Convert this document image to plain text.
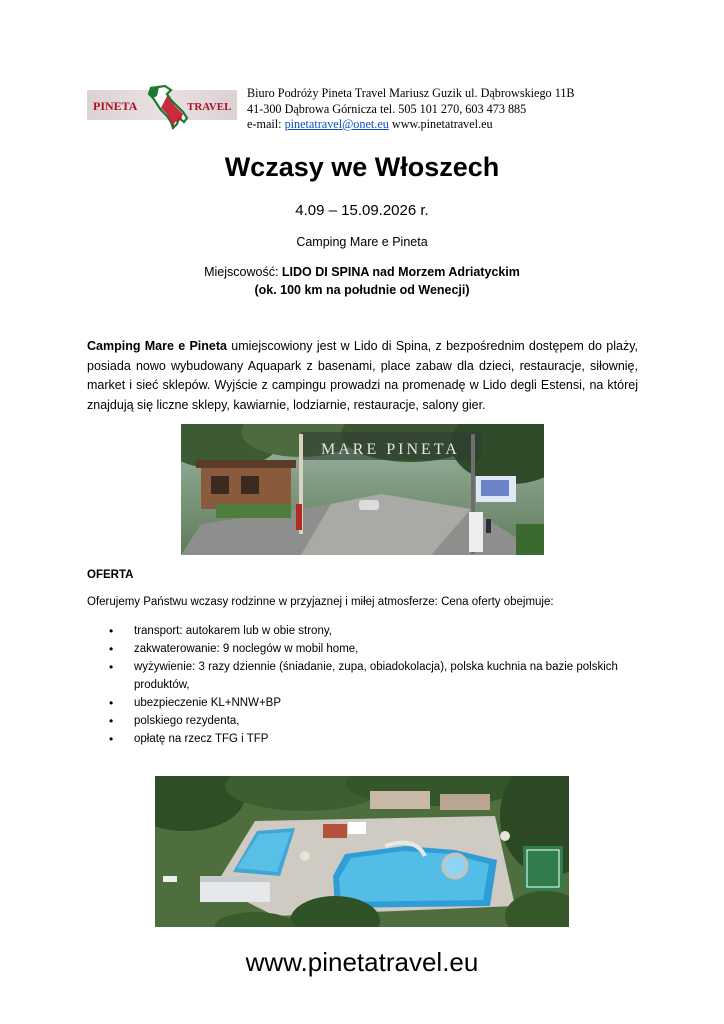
PINETA	TRAVEL
Biuro Podróży Pineta Travel Mariusz Guzik ul. Dąbrowskiego 11B
41-300 Dąbrowa Górnicza tel. 505 101 270, 603 473 885
e-mail: pinetatravel@onet.eu www.pinetatravel.eu
Wczasy we Włoszech
4.09 – 15.09.2026 r.
Camping Mare e Pineta
Miejscowość: LIDO DI SPINA nad Morzem Adriatyckim
(ok. 100 km na południe od Wenecji)
Camping Mare e Pineta umiejscowiony jest w Lido di Spina, z bezpośrednim dostępem do plaży, posiada nowo wybudowany Aquapark z basenami, place zabaw dla dzieci, restauracje, siłownię, market i sieć sklepów. Wyjście z campingu prowadzi na promenadę w Lido degli Estensi, na której znajdują się liczne sklepy, kawiarnie, lodziarnie, restauracje, salony gier.
MARE PINETA
OFERTA
Oferujemy Państwu wczasy rodzinne w przyjaznej i miłej atmosferze: Cena oferty obejmuje:
• transport: autokarem lub w obie strony,
• zakwaterowanie: 9 noclegów w mobil home,
• wyżywienie: 3 razy dziennie (śniadanie, zupa, obiadokolacja), polska kuchnia na bazie polskich produktów,
• ubezpieczenie KL+NNW+BP
• polskiego rezydenta,
• opłatę na rzecz TFG i TFP
www.pinetatravel.eu
